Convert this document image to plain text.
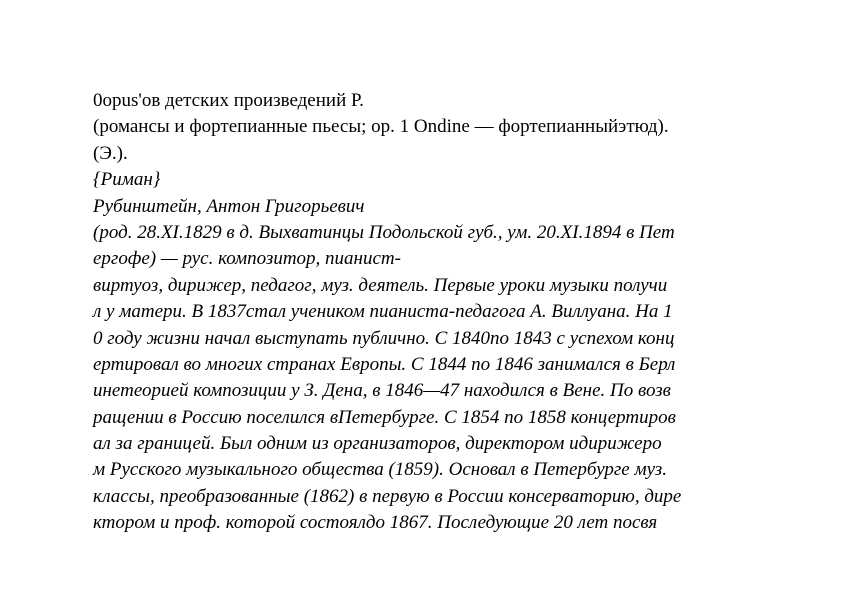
0opus'ов детских произведений Р.
(романсы и фортепианные пьесы; ор. 1 Ondine — фортепианныйэтюд).
(Э.).
{Риман}
Рубинштейн, Антон Григорьевич
(род. 28.XI.1829 в д. Выхватинцы Подольской губ., ум. 20.XI.1894 в Пет
ергофе) — рус. композитор, пианист-
виртуоз, дирижер, педагог, муз. деятель. Первые уроки музыки получи
л у матери. В 1837стал учеником пианиста-педагога А. Виллуана. На 1
0 году жизни начал выступать публично. С 1840по 1843 с успехом конц
ертировал во многих странах Европы. С 1844 по 1846 занимался в Берл
инетеорией композиции у З. Дена, в 1846—47 находился в Вене. По возв
ращении в Россию поселился вПетербурге. С 1854 по 1858 концертиров
ал за границей. Был одним из организаторов, директором идирижеро
м Русского музыкального общества (1859). Основал в Петербурге муз.
классы, преобразованные (1862) в первую в России консерваторию, дире
ктором и проф. которой состоялдо 1867. Последующие 20 лет посвя
